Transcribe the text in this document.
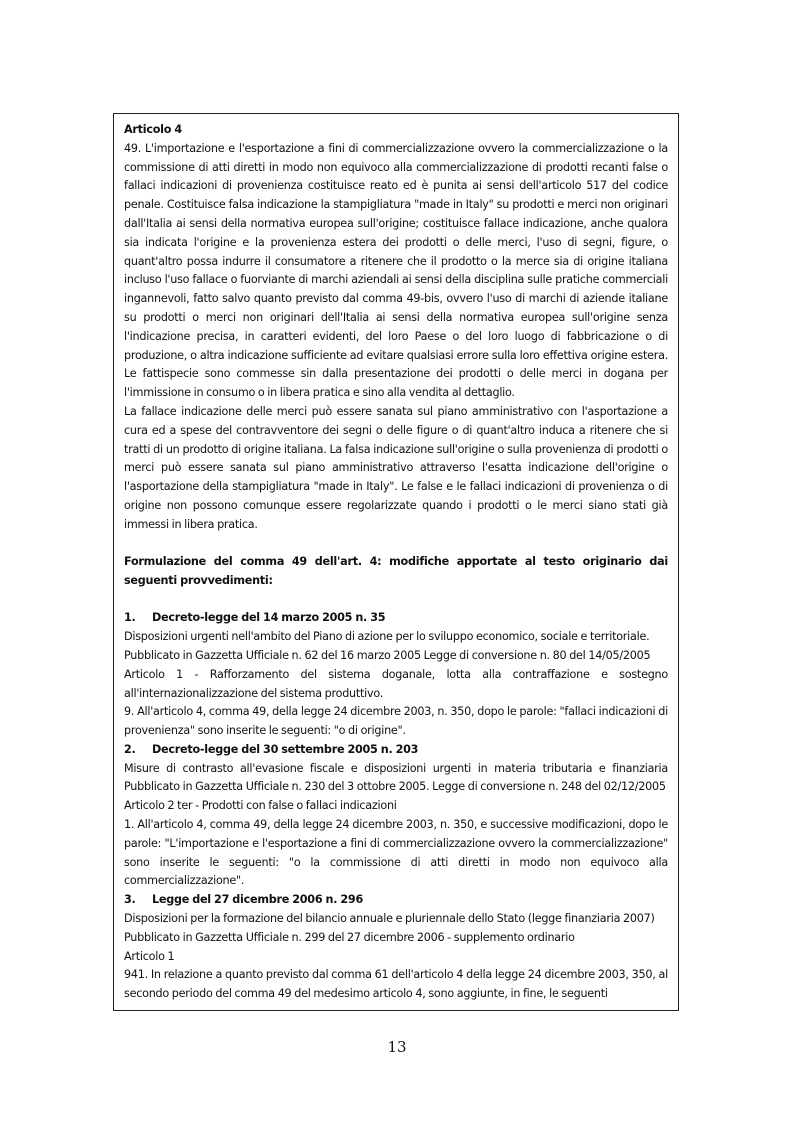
Articolo 4

49. L'importazione e l'esportazione a fini di commercializzazione ovvero la commercializzazione o la commissione di atti diretti in modo non equivoco alla commercializzazione di prodotti recanti false o fallaci indicazioni di provenienza costituisce reato ed è punita ai sensi dell'articolo 517 del codice penale. Costituisce falsa indicazione la stampigliatura "made in Italy" su prodotti e merci non originari dall'Italia ai sensi della normativa europea sull'origine; costituisce fallace indicazione, anche qualora sia indicata l'origine e la provenienza estera dei prodotti o delle merci, l'uso di segni, figure, o quant'altro possa indurre il consumatore a ritenere che il prodotto o la merce sia di origine italiana incluso l'uso fallace o fuorviante di marchi aziendali ai sensi della disciplina sulle pratiche commerciali ingannevoli, fatto salvo quanto previsto dal comma 49-bis, ovvero l'uso di marchi di aziende italiane su prodotti o merci non originari dell'Italia ai sensi della normativa europea sull'origine senza l'indicazione precisa, in caratteri evidenti, del loro Paese o del loro luogo di fabbricazione o di produzione, o altra indicazione sufficiente ad evitare qualsiasi errore sulla loro effettiva origine estera. Le fattispecie sono commesse sin dalla presentazione dei prodotti o delle merci in dogana per l'immissione in consumo o in libera pratica e sino alla vendita al dettaglio.

La fallace indicazione delle merci può essere sanata sul piano amministrativo con l'asportazione a cura ed a spese del contravventore dei segni o delle figure o di quant'altro induca a ritenere che si tratti di un prodotto di origine italiana. La falsa indicazione sull'origine o sulla provenienza di prodotti o merci può essere sanata sul piano amministrativo attraverso l'esatta indicazione dell'origine o l'asportazione della stampigliatura "made in Italy". Le false e le fallaci indicazioni di provenienza o di origine non possono comunque essere regolarizzate quando i prodotti o le merci siano stati già immessi in libera pratica.

Formulazione del comma 49 dell'art. 4: modifiche apportate al testo originario dai seguenti provvedimenti:

1. Decreto-legge del 14 marzo 2005 n. 35

Disposizioni urgenti nell'ambito del Piano di azione per lo sviluppo economico, sociale e territoriale.

Pubblicato in Gazzetta Ufficiale n. 62 del 16 marzo 2005 Legge di conversione n. 80 del 14/05/2005

Articolo 1 - Rafforzamento del sistema doganale, lotta alla contraffazione e sostegno all'internazionalizzazione del sistema produttivo.

9. All'articolo 4, comma 49, della legge 24 dicembre 2003, n. 350, dopo le parole: "fallaci indicazioni di provenienza" sono inserite le seguenti: "o di origine".

2. Decreto-legge del 30 settembre 2005 n. 203

Misure di contrasto all'evasione fiscale e disposizioni urgenti in materia tributaria e finanziaria Pubblicato in Gazzetta Ufficiale n. 230 del 3 ottobre 2005. Legge di conversione n. 248 del 02/12/2005

Articolo 2 ter - Prodotti con false o fallaci indicazioni

1. All'articolo 4, comma 49, della legge 24 dicembre 2003, n. 350, e successive modificazioni, dopo le parole: "L'importazione e l'esportazione a fini di commercializzazione ovvero la commercializzazione" sono inserite le seguenti: "o la commissione di atti diretti in modo non equivoco alla commercializzazione".

3. Legge del 27 dicembre 2006 n. 296

Disposizioni per la formazione del bilancio annuale e pluriennale dello Stato (legge finanziaria 2007)

Pubblicato in Gazzetta Ufficiale n. 299 del 27 dicembre 2006 - supplemento ordinario

Articolo 1

941. In relazione a quanto previsto dal comma 61 dell'articolo 4 della legge 24 dicembre 2003, 350, al secondo periodo del comma 49 del medesimo articolo 4, sono aggiunte, in fine, le seguenti

13
